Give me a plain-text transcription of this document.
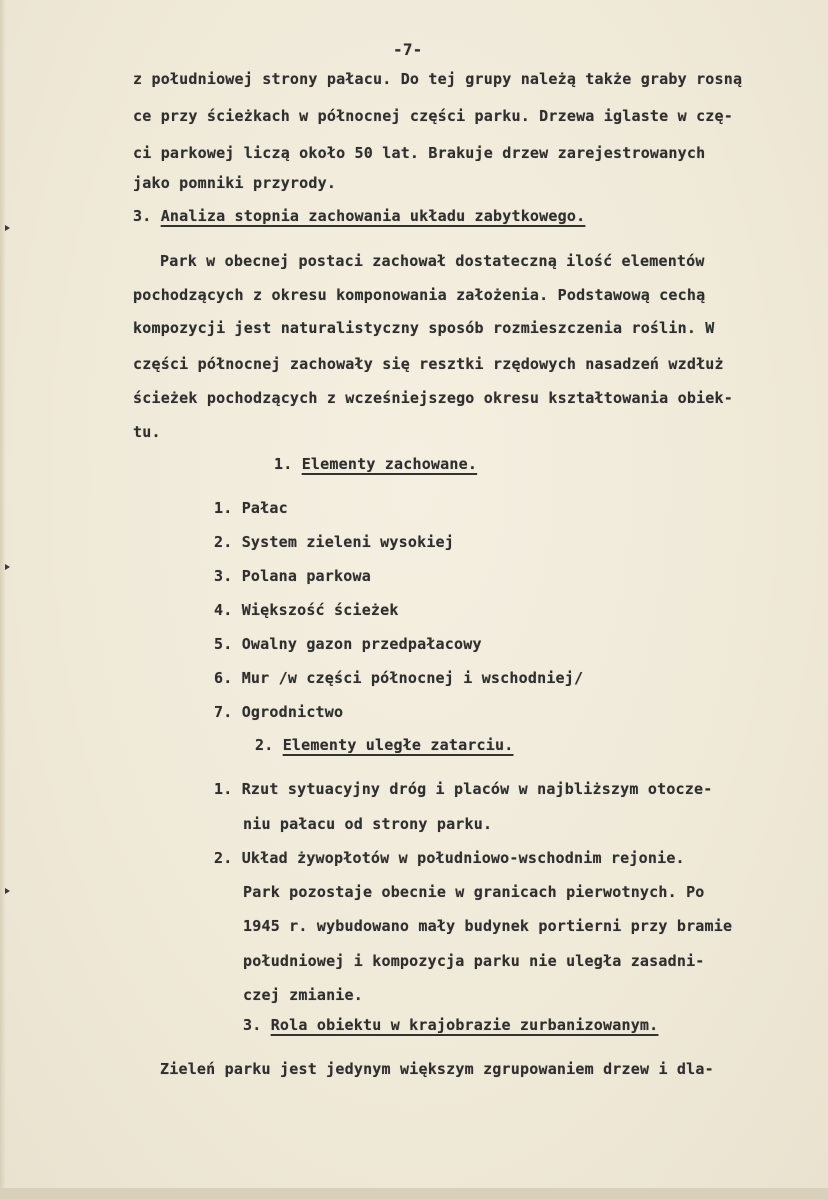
-7-
z południowej strony pałacu. Do tej grupy należą także graby rosną
ce przy ścieżkach w północnej części parku. Drzewa iglaste w czę-
ci parkowej liczą około 50 lat. Brakuje drzew zarejestrowanych
jako pomniki przyrody.
3. Analiza stopnia zachowania układu zabytkowego.
Park w obecnej postaci zachował dostateczną ilość elementów
pochodzących z okresu komponowania założenia. Podstawową cechą
kompozycji jest naturalistyczny sposób rozmieszczenia roślin. W
części północnej zachowały się resztki rzędowych nasadzeń wzdłuż
ścieżek pochodzących z wcześniejszego okresu kształtowania obiek-
tu.
1. Elementy zachowane.
1. Pałac
2. System zieleni wysokiej
3. Polana parkowa
4. Większość ścieżek
5. Owalny gazon przedpałacowy
6. Mur /w części północnej i wschodniej/
7. Ogrodnictwo
2. Elementy uległe zatarciu.
1. Rzut sytuacyjny dróg i placów w najbliższym otocze-
niu pałacu od strony parku.
2. Układ żywopłotów w południowo-wschodnim rejonie.
Park pozostaje obecnie w granicach pierwotnych. Po
1945 r. wybudowano mały budynek portierni przy bramie
południowej i kompozycja parku nie uległa zasadni-
czej zmianie.
3. Rola obiektu w krajobrazie zurbanizowanym.
Zieleń parku jest jedynym większym zgrupowaniem drzew i dla-
